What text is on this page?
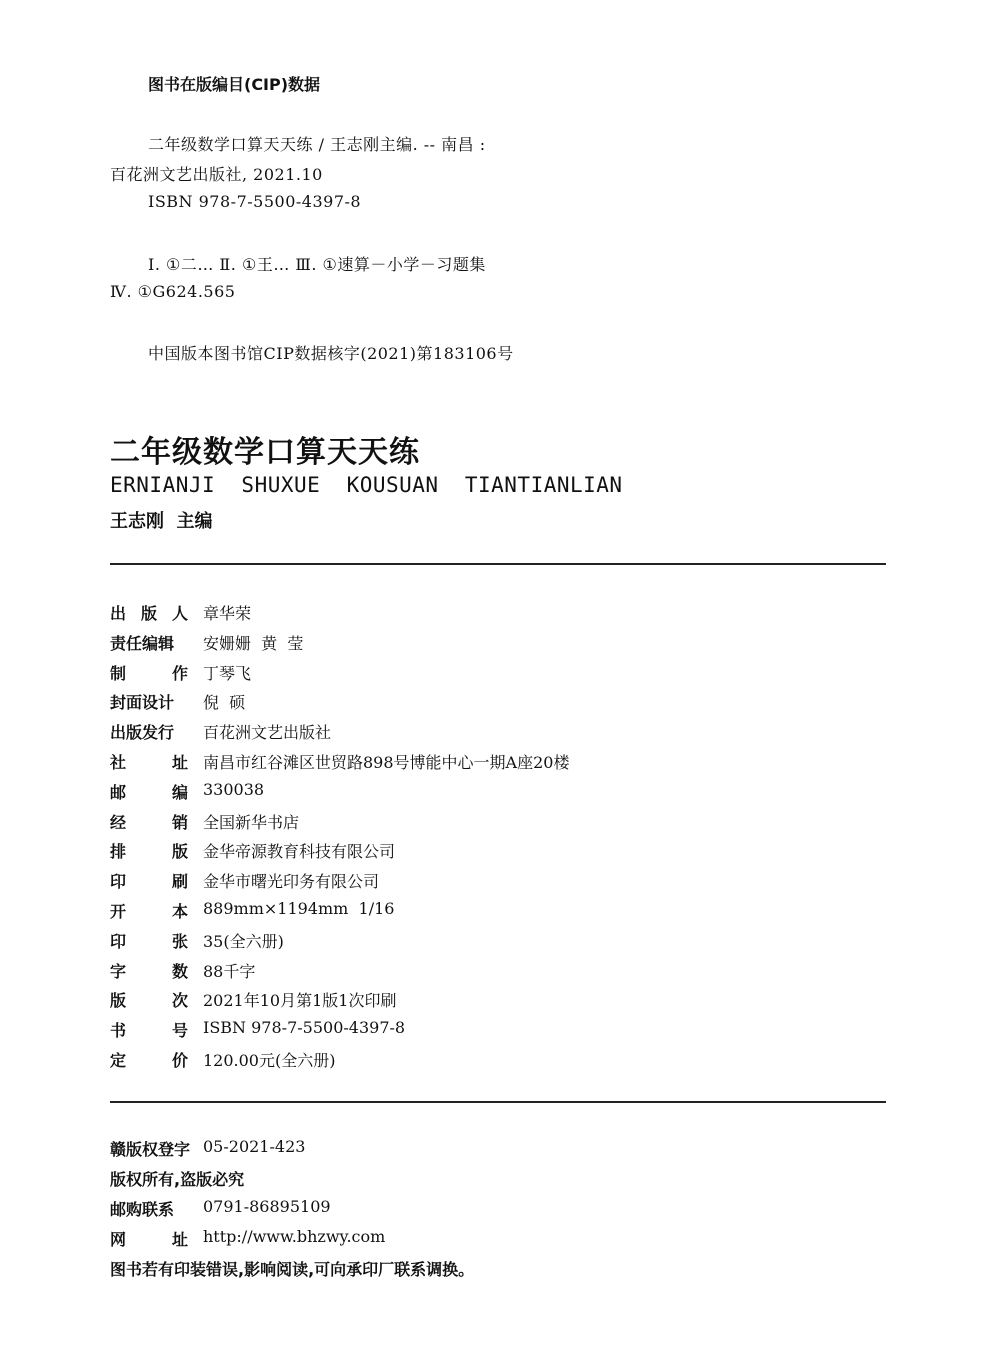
图书在版编目(CIP)数据
二年级数学口算天天练 / 王志刚主编. -- 南昌 :
百花洲文艺出版社, 2021.10
ISBN 978-7-5500-4397-8
Ⅰ. ①二… Ⅱ. ①王… Ⅲ. ①速算－小学－习题集
Ⅳ. ①G624.565
中国版本图书馆CIP数据核字(2021)第183106号
二年级数学口算天天练
ERNIANJI  SHUXUE  KOUSUAN  TIANTIANLIAN
王志刚  主编
出 版 人 章华荣
责任编辑 安姗姗  黄  莹
制	作 丁琴飞
封面设计 倪  硕
出版发行 百花洲文艺出版社
社	址 南昌市红谷滩区世贸路898号博能中心一期A座20楼
邮	编 330038
经	销 全国新华书店
排	版 金华帝源教育科技有限公司
印	刷 金华市曙光印务有限公司
开	本 889mm×1194mm  1/16
印	张 35(全六册)
字	数 88千字
版	次 2021年10月第1版1次印刷
书	号 ISBN 978-7-5500-4397-8
定	价 120.00元(全六册)
赣版权登字 05-2021-423
版权所有,盗版必究
邮购联系 0791-86895109
网	址 http://www.bhzwy.com
图书若有印装错误,影响阅读,可向承印厂联系调换。
